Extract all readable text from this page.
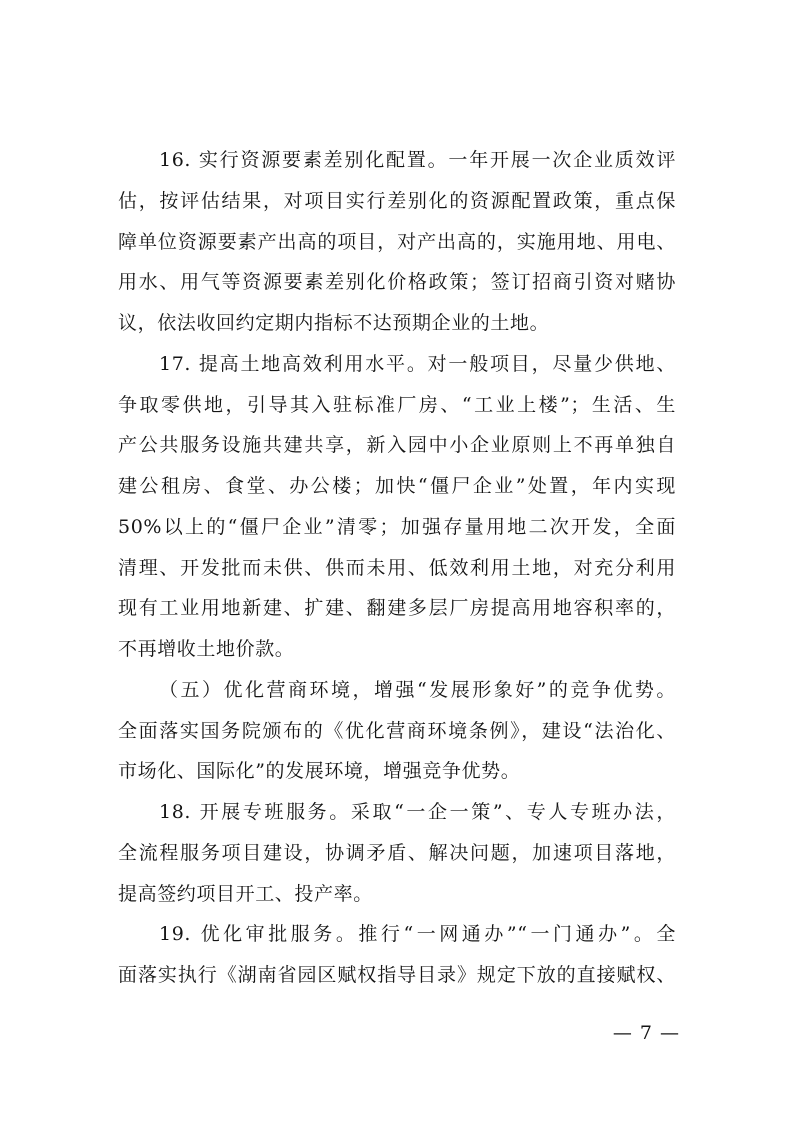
16. 实行资源要素差别化配置。一年开展一次企业质效评
估，按评估结果，对项目实行差别化的资源配置政策，重点保
障单位资源要素产出高的项目，对产出高的，实施用地、用电、
用水、用气等资源要素差别化价格政策；签订招商引资对赌协
议，依法收回约定期内指标不达预期企业的土地。
17. 提高土地高效利用水平。对一般项目，尽量少供地、
争取零供地，引导其入驻标准厂房、“工业上楼”；生活、生
产公共服务设施共建共享，新入园中小企业原则上不再单独自
建公租房、食堂、办公楼；加快“僵尸企业”处置，年内实现
50%以上的“僵尸企业”清零；加强存量用地二次开发，全面
清理、开发批而未供、供而未用、低效利用土地，对充分利用
现有工业用地新建、扩建、翻建多层厂房提高用地容积率的，
不再增收土地价款。
（五）优化营商环境，增强“发展形象好”的竞争优势。
全面落实国务院颁布的《优化营商环境条例》，建设“法治化、
市场化、国际化”的发展环境，增强竞争优势。
18. 开展专班服务。采取“一企一策”、专人专班办法，
全流程服务项目建设，协调矛盾、解决问题，加速项目落地，
提高签约项目开工、投产率。
19. 优化审批服务。推行“一网通办”“一门通办”。全
面落实执行《湖南省园区赋权指导目录》规定下放的直接赋权、
— 7 —
